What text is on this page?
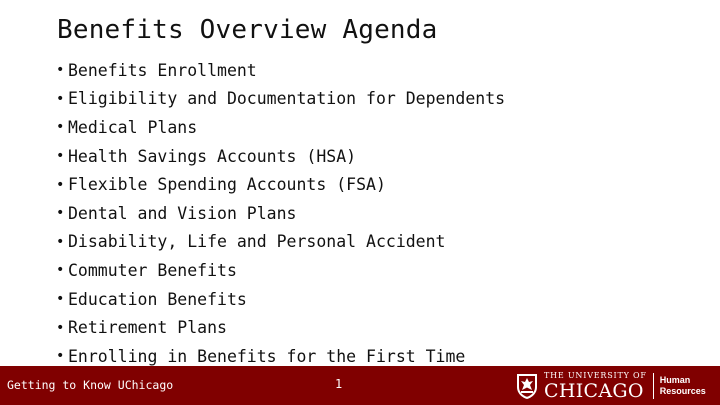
Benefits Overview Agenda
• Benefits Enrollment
• Eligibility and Documentation for Dependents
• Medical Plans
• Health Savings Accounts (HSA)
• Flexible Spending Accounts (FSA)
• Dental and Vision Plans
• Disability, Life and Personal Accident
• Commuter Benefits
• Education Benefits
• Retirement Plans
• Enrolling in Benefits for the First Time
Getting to Know UChicago	1
THE UNIVERSITY OF
CHICAGO	Human
Resources
